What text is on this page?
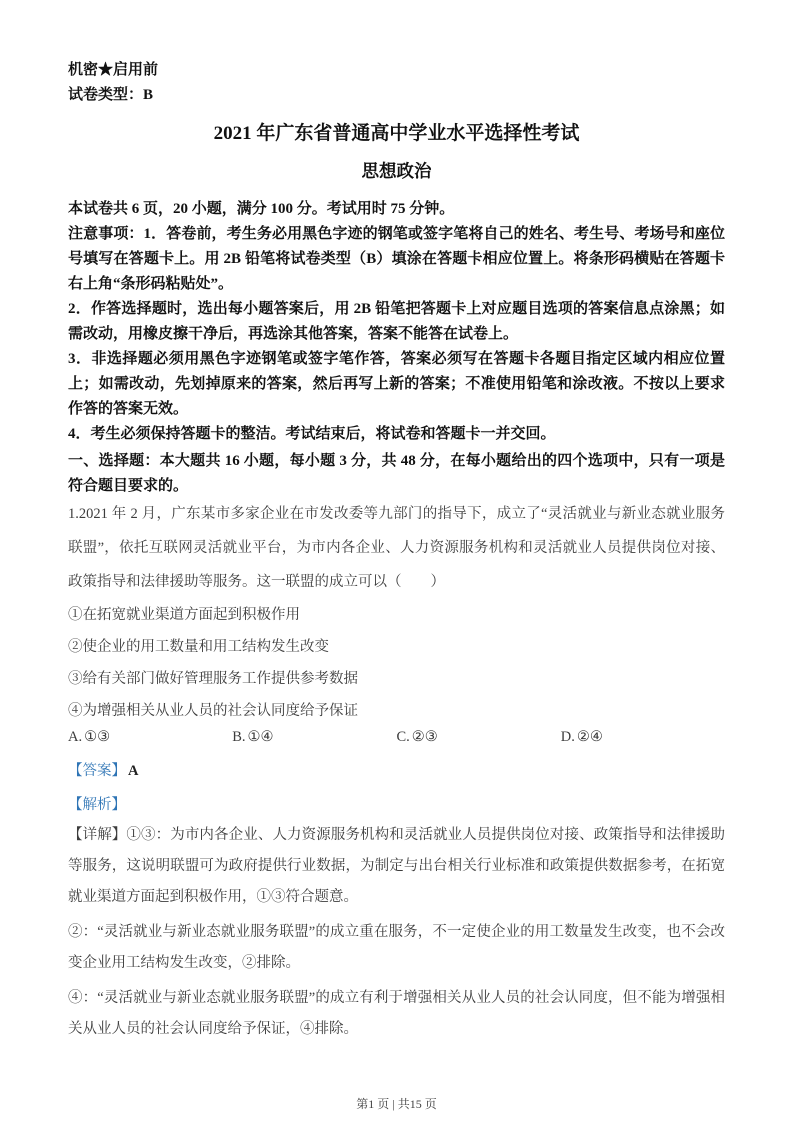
机密★启用前
试卷类型：B
2021 年广东省普通高中学业水平选择性考试
思想政治

本试卷共 6 页，20 小题，满分 100 分。考试用时 75 分钟。

注意事项：1．答卷前，考生务必用黑色字迹的钢笔或签字笔将自己的姓名、考生号、考场号和座位号填写在答题卡上。用 2B 铅笔将试卷类型（B）填涂在答题卡相应位置上。将条形码横贴在答题卡右上角“条形码粘贴处”。

2．作答选择题时，选出每小题答案后，用 2B 铅笔把答题卡上对应题目选项的答案信息点涂黑；如需改动，用橡皮擦干净后，再选涂其他答案，答案不能答在试卷上。

3．非选择题必须用黑色字迹钢笔或签字笔作答，答案必须写在答题卡各题目指定区域内相应位置上；如需改动，先划掉原来的答案，然后再写上新的答案；不准使用铅笔和涂改液。不按以上要求作答的答案无效。

4．考生必须保持答题卡的整洁。考试结束后，将试卷和答题卡一并交回。

一、选择题：本大题共 16 小题，每小题 3 分，共 48 分，在每小题给出的四个选项中，只有一项是符合题目要求的。

1.2021 年 2 月，广东某市多家企业在市发改委等九部门的指导下，成立了“灵活就业与新业态就业服务联盟”，依托互联网灵活就业平台，为市内各企业、人力资源服务机构和灵活就业人员提供岗位对接、政策指导和法律援助等服务。这一联盟的成立可以（　　）

①在拓宽就业渠道方面起到积极作用

②使企业的用工数量和用工结构发生改变

③给有关部门做好管理服务工作提供参考数据

④为增强相关从业人员的社会认同度给予保证

A. ①③	B. ①④	C. ②③	D. ②④

【答案】 A

【解析】

【详解】①③：为市内各企业、人力资源服务机构和灵活就业人员提供岗位对接、政策指导和法律援助等服务，这说明联盟可为政府提供行业数据，为制定与出台相关行业标准和政策提供数据参考，在拓宽就业渠道方面起到积极作用，①③符合题意。

②：“灵活就业与新业态就业服务联盟”的成立重在服务，不一定使企业的用工数量发生改变，也不会改变企业用工结构发生改变，②排除。

④：“灵活就业与新业态就业服务联盟”的成立有利于增强相关从业人员的社会认同度，但不能为增强相关从业人员的社会认同度给予保证，④排除。

第1 页 | 共15 页
